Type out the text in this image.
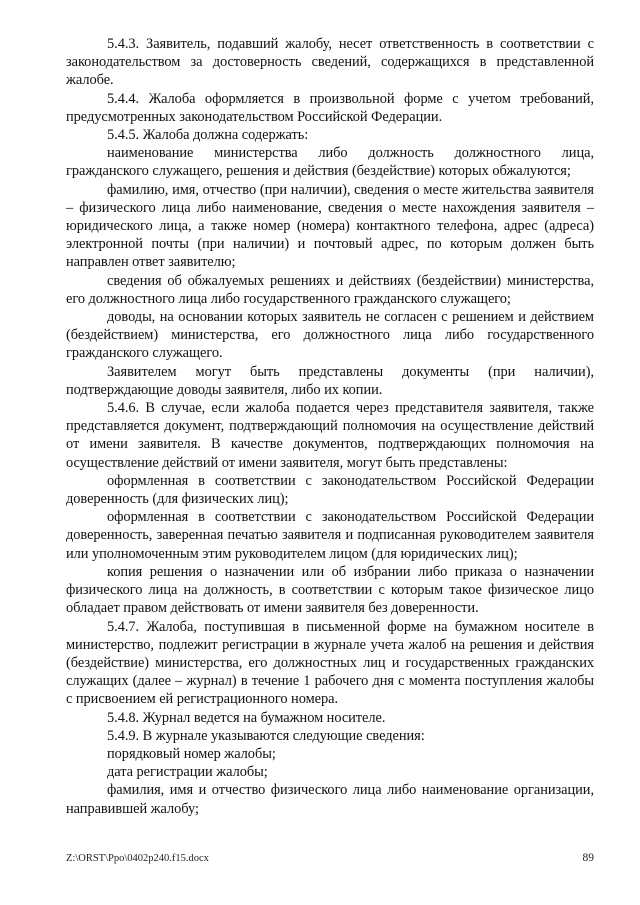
5.4.3. Заявитель, подавший жалобу, несет ответственность в соответствии с законодательством за достоверность сведений, содержащихся в представленной жалобе.

5.4.4. Жалоба оформляется в произвольной форме с учетом требований, предусмотренных законодательством Российской Федерации.

5.4.5. Жалоба должна содержать:

наименование министерства либо должность должностного лица, гражданского служащего, решения и действия (бездействие) которых обжалуются;

фамилию, имя, отчество (при наличии), сведения о месте жительства заявителя – физического лица либо наименование, сведения о месте нахождения заявителя – юридического лица, а также номер (номера) контактного телефона, адрес (адреса) электронной почты (при наличии) и почтовый адрес, по которым должен быть направлен ответ заявителю;

сведения об обжалуемых решениях и действиях (бездействии) министерства, его должностного лица либо государственного гражданского служащего;

доводы, на основании которых заявитель не согласен с решением и действием (бездействием) министерства, его должностного лица либо государственного гражданского служащего.

Заявителем могут быть представлены документы (при наличии), подтверждающие доводы заявителя, либо их копии.

5.4.6. В случае, если жалоба подается через представителя заявителя, также представляется документ, подтверждающий полномочия на осуществление действий от имени заявителя. В качестве документов, подтверждающих полномочия на осуществление действий от имени заявителя, могут быть представлены:

оформленная в соответствии с законодательством Российской Федерации доверенность (для физических лиц);

оформленная в соответствии с законодательством Российской Федерации доверенность, заверенная печатью заявителя и подписанная руководителем заявителя или уполномоченным этим руководителем лицом (для юридических лиц);

копия решения о назначении или об избрании либо приказа о назначении физического лица на должность, в соответствии с которым такое физическое лицо обладает правом действовать от имени заявителя без доверенности.

5.4.7. Жалоба, поступившая в письменной форме на бумажном носителе в министерство, подлежит регистрации в журнале учета жалоб на решения и действия (бездействие) министерства, его должностных лиц и государственных гражданских служащих (далее – журнал) в течение 1 рабочего дня с момента поступления жалобы с присвоением ей регистрационного номера.

5.4.8. Журнал ведется на бумажном носителе.

5.4.9. В журнале указываются следующие сведения:

порядковый номер жалобы;

дата регистрации жалобы;

фамилия, имя и отчество физического лица либо наименование организации, направившей жалобу;

Z:\ORST\Ppo\0402p240.f15.docx	89
